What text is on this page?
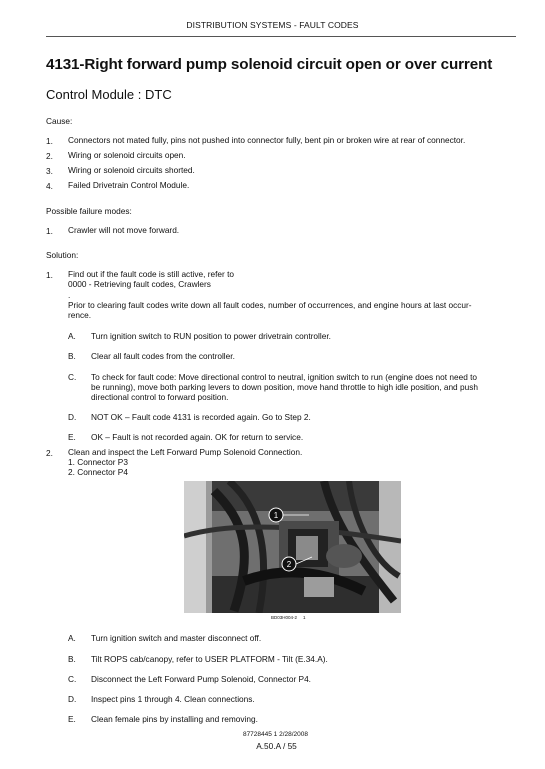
DISTRIBUTION SYSTEMS - FAULT CODES
4131-Right forward pump solenoid circuit open or over current
Control Module : DTC
Cause:
1. Connectors not mated fully, pins not pushed into connector fully, bent pin or broken wire at rear of connector.
2. Wiring or solenoid circuits open.
3. Wiring or solenoid circuits shorted.
4. Failed Drivetrain Control Module.
Possible failure modes:
1. Crawler will not move forward.
Solution:
1. Find out if the fault code is still active, refer to
0000 - Retrieving fault codes, Crawlers
.
Prior to clearing fault codes write down all fault codes, number of occurrences, and engine hours at last occur-
rence.
A. Turn ignition switch to RUN position to power drivetrain controller.
B. Clear all fault codes from the controller.
C. To check for fault code: Move directional control to neutral, ignition switch to run (engine does not need to
be running), move both parking levers to down position, move hand throttle to high idle position, and push
directional control to forward position.
D. NOT OK – Fault code 4131 is recorded again. Go to Step 2.
E. OK – Fault is not recorded again. OK for return to service.
2. Clean and inspect the Left Forward Pump Solenoid Connection.
1. Connector P3
2. Connector P4
1
2
BD03H004-2 1
A. Turn ignition switch and master disconnect off.
B. Tilt ROPS cab/canopy, refer to USER PLATFORM - Tilt (E.34.A).
C. Disconnect the Left Forward Pump Solenoid, Connector P4.
D. Inspect pins 1 through 4. Clean connections.
E. Clean female pins by installing and removing.
87728445 1 2/28/2008
A.50.A / 55
